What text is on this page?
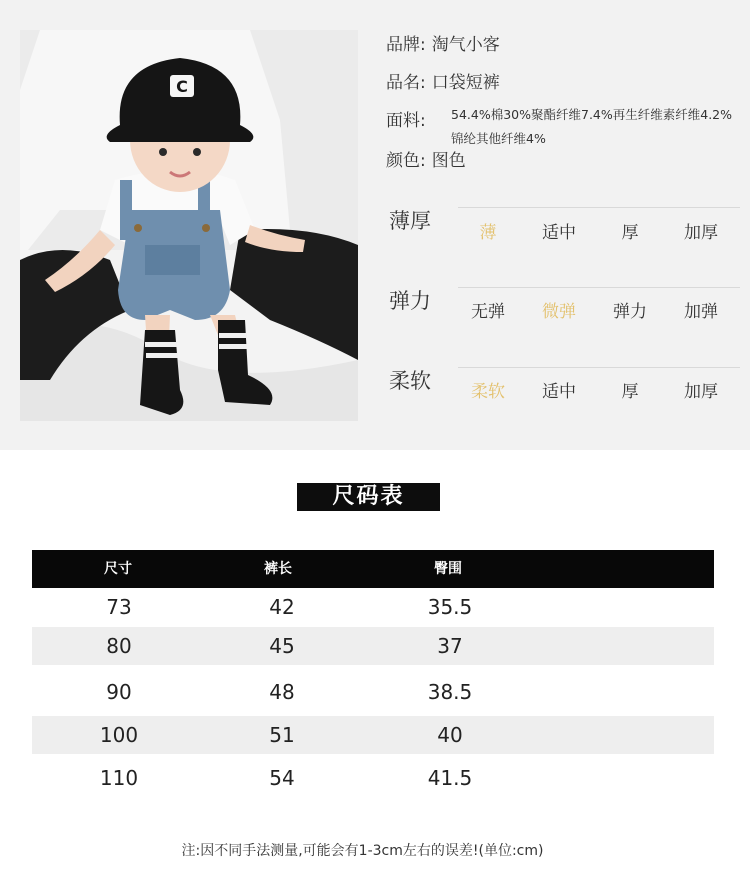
C
品牌: 淘气小客
品名: 口袋短裤
面料: 54.4%棉30%聚酯纤维7.4%再生纤维素纤维4.2%锦纶其他纤维4%
颜色: 图色
薄厚	薄	适中	厚	加厚
弹力	无弹	微弹	弹力	加弹
柔软	柔软	适中	厚	加厚
尺码表
尺寸	裤长	臀围
73	42	35.5
80	45	37
90	48	38.5
100	51	40
110	54	41.5
注:因不同手法测量,可能会有1-3cm左右的误差!(单位:cm)
